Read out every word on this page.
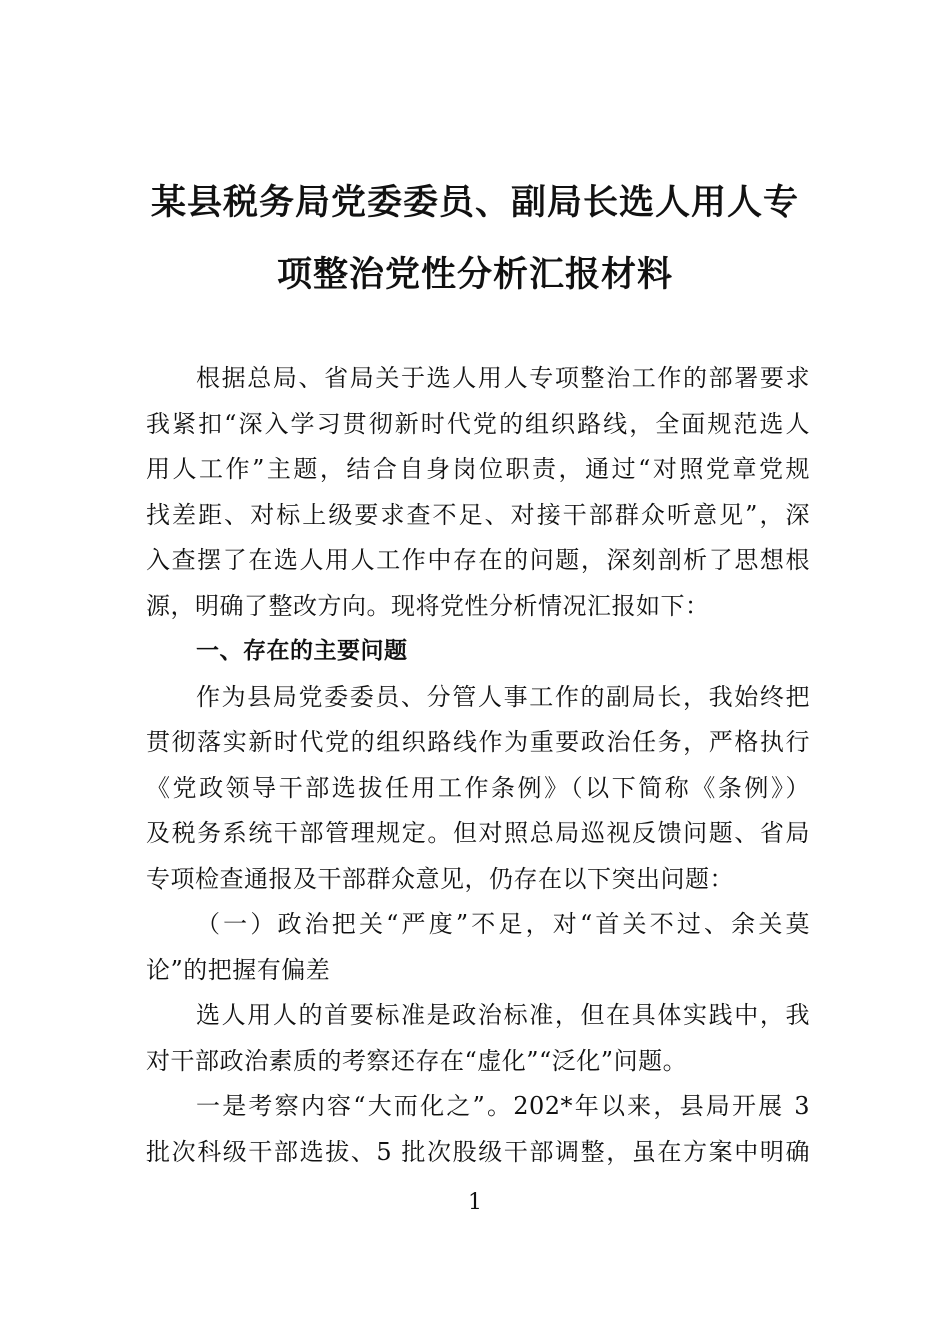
某县税务局党委委员、副局长选人用人专
项整治党性分析汇报材料
根据总局、省局关于选人用人专项整治工作的部署要求
我紧扣“深入学习贯彻新时代党的组织路线，全面规范选人
用人工作”主题，结合自身岗位职责，通过“对照党章党规
找差距、对标上级要求查不足、对接干部群众听意见”，深
入查摆了在选人用人工作中存在的问题，深刻剖析了思想根
源，明确了整改方向。现将党性分析情况汇报如下：
一、存在的主要问题
作为县局党委委员、分管人事工作的副局长，我始终把
贯彻落实新时代党的组织路线作为重要政治任务，严格执行
《党政领导干部选拔任用工作条例》（以下简称《条例》）
及税务系统干部管理规定。但对照总局巡视反馈问题、省局
专项检查通报及干部群众意见，仍存在以下突出问题：
（一）政治把关“严度”不足，对“首关不过、余关莫
论”的把握有偏差
选人用人的首要标准是政治标准，但在具体实践中，我
对干部政治素质的考察还存在“虚化”“泛化”问题。
一是考察内容“大而化之”。202*年以来，县局开展 3
批次科级干部选拔、5 批次股级干部调整，虽在方案中明确
1
